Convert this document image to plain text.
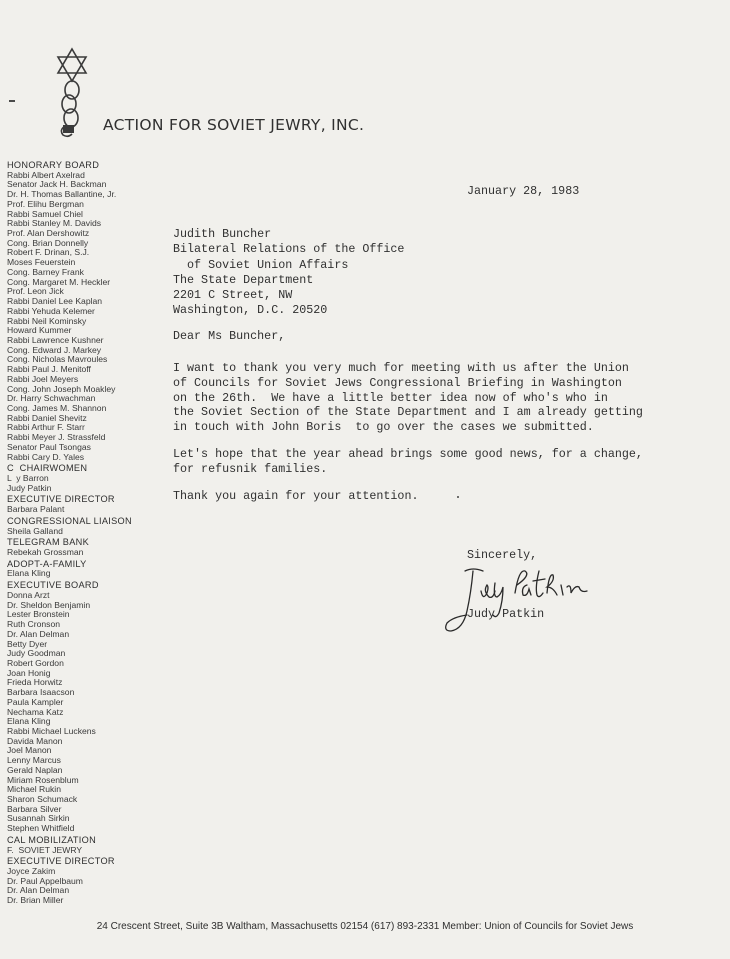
ACTION FOR SOVIET JEWRY, INC.
HONORARY BOARD
Rabbi Albert Axelrad
Senator Jack H. Backman
Dr. H. Thomas Ballantine, Jr.
Prof. Elihu Bergman
Rabbi Samuel Chiel
Rabbi Stanley M. Davids
Prof. Alan Dershowitz
Cong. Brian Donnelly
Robert F. Drinan, S.J.
Moses Feuerstein
Cong. Barney Frank
Cong. Margaret M. Heckler
Prof. Leon Jick
Rabbi Daniel Lee Kaplan
Rabbi Yehuda Kelemer
Rabbi Neil Kominsky
Howard Kummer
Rabbi Lawrence Kushner
Cong. Edward J. Markey
Cong. Nicholas Mavroules
Rabbi Paul J. Menitoff
Rabbi Joel Meyers
Cong. John Joseph Moakley
Dr. Harry Schwachman
Cong. James M. Shannon
Rabbi Daniel Shevitz
Rabbi Arthur F. Starr
Rabbi Meyer J. Strassfeld
Senator Paul Tsongas
Rabbi Cary D. Yales
C  CHAIRWOMEN
L  y Barron
Judy Patkin
EXECUTIVE DIRECTOR
Barbara Palant
CONGRESSIONAL LIAISON
Sheila Galland
TELEGRAM BANK
Rebekah Grossman
ADOPT-A-FAMILY
Elana Kling
EXECUTIVE BOARD
Donna Arzt
Dr. Sheldon Benjamin
Lester Bronstein
Ruth Cronson
Dr. Alan Delman
Betty Dyer
Judy Goodman
Robert Gordon
Joan Honig
Frieda Horwitz
Barbara Isaacson
Paula Kampler
Nechama Katz
Elana Kling
Rabbi Michael Luckens
Davida Manon
Joel Manon
Lenny Marcus
Gerald Naplan
Miriam Rosenblum
Michael Rukin
Sharon Schumack
Barbara Silver
Susannah Sirkin
Stephen Whitfield
CAL MOBILIZATION
F.  SOVIET JEWRY
EXECUTIVE DIRECTOR
Joyce Zakim
Dr. Paul Appelbaum
Dr. Alan Delman
Dr. Brian Miller
January 28, 1983
Judith Buncher
Bilateral Relations of the Office
of Soviet Union Affairs
The State Department
2201 C Street, NW
Washington, D.C. 20520
Dear Ms Buncher,
I want to thank you very much for meeting with us after the Union
of Councils for Soviet Jews Congressional Briefing in Washington
on the 26th.  We have a little better idea now of who's who in
the Soviet Section of the State Department and I am already getting
in touch with John Boris  to go over the cases we submitted.
Let's hope that the year ahead brings some good news, for a change,
for refusnik families.
Thank you again for your attention.
Sincerely,
Judy Patkin
24 Crescent Street, Suite 3B Waltham, Massachusetts 02154 (617) 893-2331 Member: Union of Councils for Soviet Jews
